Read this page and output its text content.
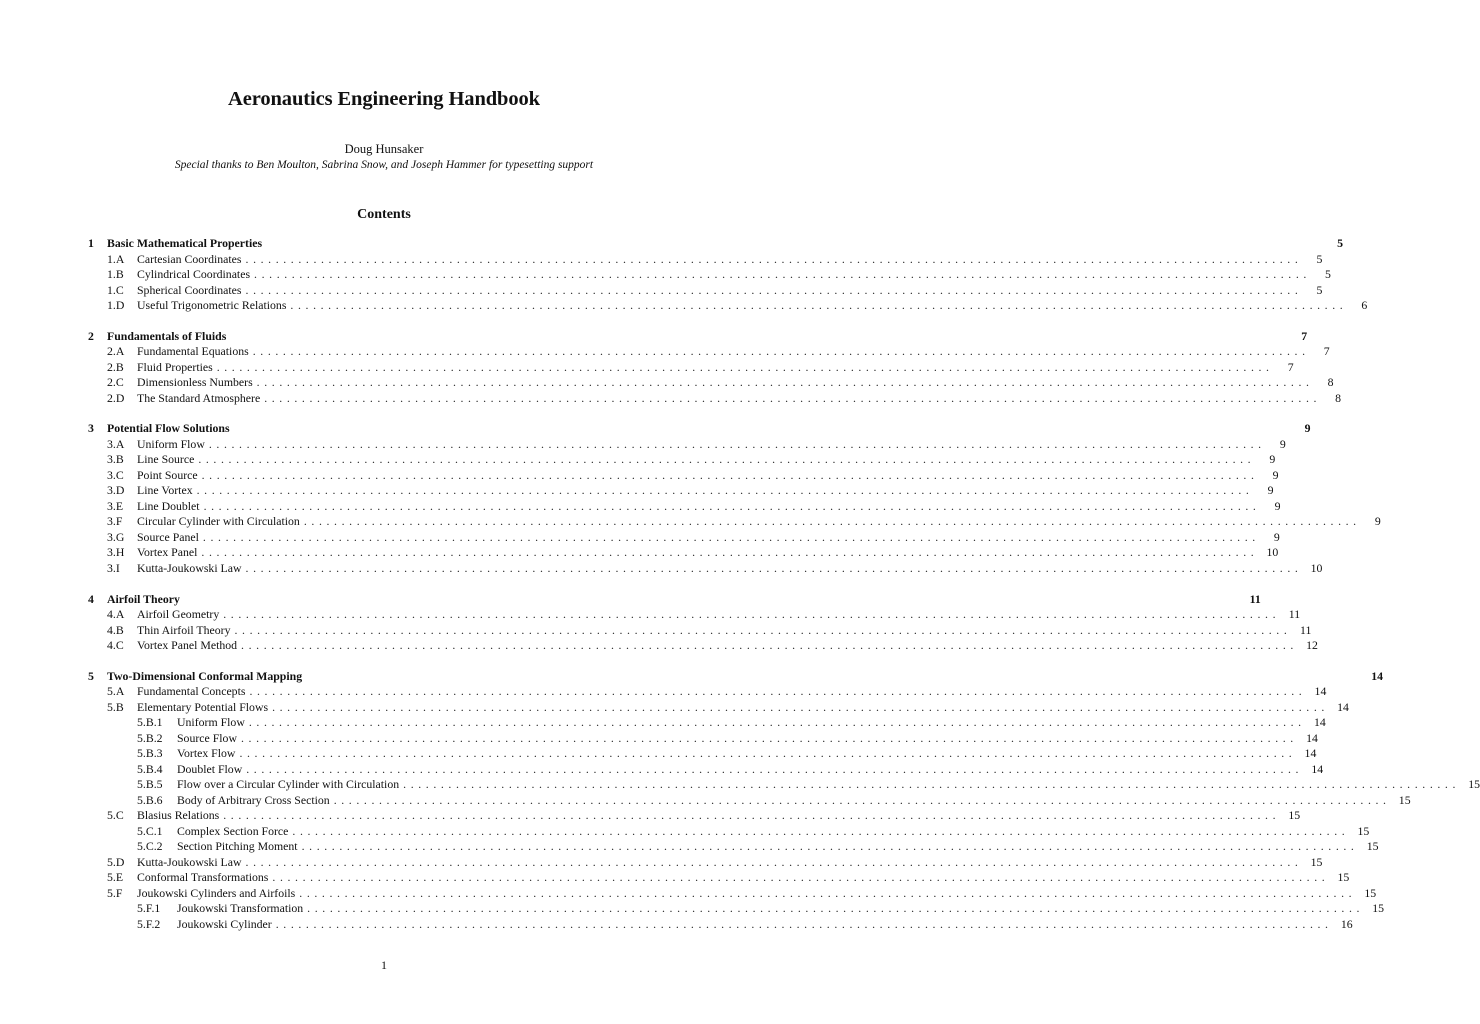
Aeronautics Engineering Handbook
Doug Hunsaker
Special thanks to Ben Moulton, Sabrina Snow, and Joseph Hammer for typesetting support
Contents
1	Basic Mathematical Properties	5
1.A	Cartesian Coordinates ............................................................................................................................................	5
1.B	Cylindrical Coordinates ............................................................................................................................................	5
1.C	Spherical Coordinates ............................................................................................................................................	5
1.D	Useful Trigonometric Relations ............................................................................................................................................	6
2	Fundamentals of Fluids	7
2.A	Fundamental Equations ............................................................................................................................................	7
2.B	Fluid Properties ............................................................................................................................................	7
2.C	Dimensionless Numbers ............................................................................................................................................	8
2.D	The Standard Atmosphere ............................................................................................................................................	8
3	Potential Flow Solutions	9
3.A	Uniform Flow ............................................................................................................................................	9
3.B	Line Source ............................................................................................................................................	9
3.C	Point Source ............................................................................................................................................	9
3.D	Line Vortex ............................................................................................................................................	9
3.E	Line Doublet ............................................................................................................................................	9
3.F	Circular Cylinder with Circulation ............................................................................................................................................	9
3.G	Source Panel ............................................................................................................................................	9
3.H	Vortex Panel ............................................................................................................................................ 10
3.I	Kutta-Joukowski Law ............................................................................................................................................ 10
4	Airfoil Theory	11
4.A	Airfoil Geometry ............................................................................................................................................ 11
4.B	Thin Airfoil Theory ............................................................................................................................................ 11
4.C	Vortex Panel Method ............................................................................................................................................ 12
5	Two-Dimensional Conformal Mapping	14
5.A	Fundamental Concepts ............................................................................................................................................ 14
5.B	Elementary Potential Flows ............................................................................................................................................ 14
5.B.1	Uniform Flow ............................................................................................................................................ 14
5.B.2	Source Flow ............................................................................................................................................ 14
5.B.3	Vortex Flow ............................................................................................................................................ 14
5.B.4	Doublet Flow ............................................................................................................................................ 14
5.B.5	Flow over a Circular Cylinder with Circulation ............................................................................................................................................ 15
5.B.6	Body of Arbitrary Cross Section ............................................................................................................................................ 15
5.C	Blasius Relations ............................................................................................................................................ 15
5.C.1	Complex Section Force ............................................................................................................................................ 15
5.C.2	Section Pitching Moment ............................................................................................................................................ 15
5.D	Kutta-Joukowski Law ............................................................................................................................................ 15
5.E	Conformal Transformations ............................................................................................................................................ 15
5.F	Joukowski Cylinders and Airfoils ............................................................................................................................................ 15
5.F.1	Joukowski Transformation ............................................................................................................................................ 15
5.F.2	Joukowski Cylinder ............................................................................................................................................ 16
1
